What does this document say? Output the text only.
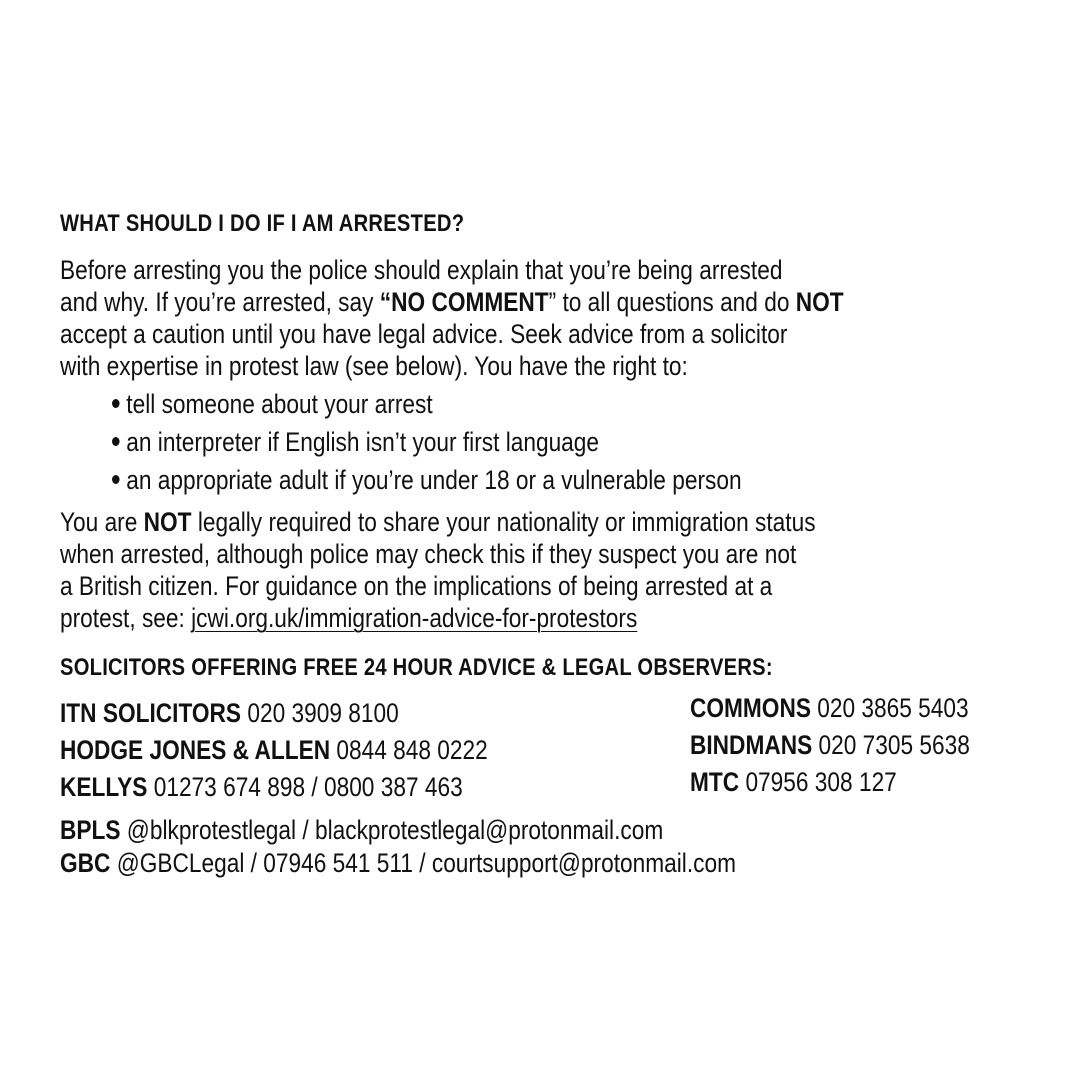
WHAT SHOULD I DO IF I AM ARRESTED?
Before arresting you the police should explain that you’re being arrested
and why. If you’re arrested, say “NO COMMENT” to all questions and do NOT
accept a caution until you have legal advice. Seek advice from a solicitor
with expertise in protest law (see below). You have the right to:
tell someone about your arrest
an interpreter if English isn’t your first language
an appropriate adult if you’re under 18 or a vulnerable person
You are NOT legally required to share your nationality or immigration status
when arrested, although police may check this if they suspect you are not
a British citizen. For guidance on the implications of being arrested at a
protest, see: jcwi.org.uk/immigration-advice-for-protestors
SOLICITORS OFFERING FREE 24 HOUR ADVICE & LEGAL OBSERVERS:
ITN SOLICITORS 020 3909 8100
HODGE JONES & ALLEN 0844 848 0222
KELLYS 01273 674 898 / 0800 387 463
COMMONS 020 3865 5403
BINDMANS 020 7305 5638
MTC 07956 308 127
BPLS @blkprotestlegal / blackprotestlegal@protonmail.com
GBC @GBCLegal / 07946 541 511 / courtsupport@protonmail.com
